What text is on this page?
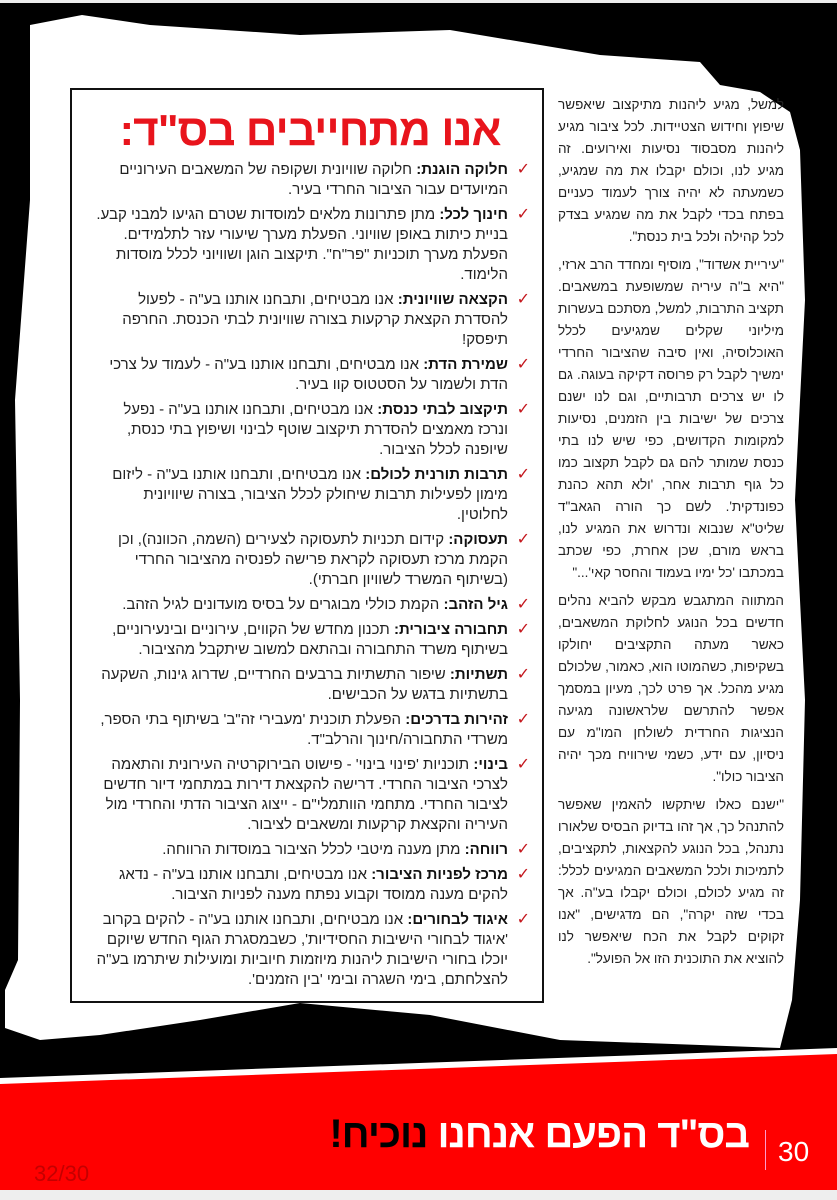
אנו מתחייבים בס"ד:
✓
חלוקה הוגנת: חלוקה שוויונית ושקופה של המשאבים העירוניים המיועדים עבור הציבור החרדי בעיר.
✓
חינוך לכל: מתן פתרונות מלאים למוסדות שטרם הגיעו למבני קבע. בניית כיתות באופן שוויוני. הפעלת מערך שיעורי עזר לתלמידים. הפעלת מערך תוכניות "פר"ח". תיקצוב הוגן ושוויוני לכלל מוסדות הלימוד.
✓
הקצאה שוויונית: אנו מבטיחים, ותבחנו אותנו בע"ה - לפעול להסדרת הקצאת קרקעות בצורה שוויונית לבתי הכנסת. החרפה תיפסק!
✓
שמירת הדת: אנו מבטיחים, ותבחנו אותנו בע"ה - לעמוד על צרכי הדת ולשמור על הסטטוס קוו בעיר.
✓
תיקצוב לבתי כנסת: אנו מבטיחים, ותבחנו אותנו בע"ה - נפעל ונרכז מאמצים להסדרת תיקצוב שוטף לבינוי ושיפוץ בתי כנסת, שיופנה לכלל הציבור.
✓
תרבות תורנית לכולם: אנו מבטיחים, ותבחנו אותנו בע"ה - ליזום מימון לפעילות תרבות שיחולק לכלל הציבור, בצורה שיוויונית לחלוטין.
✓
תעסוקה: קידום תכניות לתעסוקה לצעירים (השמה, הכוונה), וכן הקמת מרכז תעסוקה לקראת פרישה לפנסיה מהציבור החרדי (בשיתוף המשרד לשוויון חברתי).
✓
גיל הזהב: הקמת כוללי מבוגרים על בסיס מועדונים לגיל הזהב.
✓
תחבורה ציבורית: תכנון מחדש של הקווים, עירוניים ובינעירוניים, בשיתוף משרד התחבורה ובהתאם למשוב שיתקבל מהציבור.
✓
תשתיות: שיפור התשתיות ברבעים החרדיים, שדרוג גינות, השקעה בתשתיות בדגש על הכבישים.
✓
זהירות בדרכים: הפעלת תוכנית 'מעבירי זה"ב' בשיתוף בתי הספר, משרדי התחבורה/חינוך והרלב"ד.
✓
בינוי: תוכניות 'פינוי בינוי' - פישוט הבירוקרטיה העירונית והתאמה לצרכי הציבור החרדי. דרישה להקצאת דירות במתחמי דיור חדשים לציבור החרדי. מתחמי הוותמלי"ם - ייצוג הציבור הדתי והחרדי מול העיריה והקצאת קרקעות ומשאבים לציבור.
✓
רווחה: מתן מענה מיטבי לכלל הציבור במוסדות הרווחה.
✓
מרכז לפניות הציבור: אנו מבטיחים, ותבחנו אותנו בע"ה - נדאג להקים מענה ממוסד וקבוע נפתח מענה לפניות הציבור.
✓
איגוד לבחורים: אנו מבטיחים, ותבחנו אותנו בע"ה - להקים בקרוב 'איגוד לבחורי הישיבות החסידיות', כשבמסגרת הגוף החדש שיוקם יוכלו בחורי הישיבות ליהנות מיוזמות חיוביות ומועילות שיתרמו בע"ה להצלחתם, בימי השגרה ובימי 'בין הזמנים'.

למשל, מגיע ליהנות מתיקצוב שיאפשר שיפוץ וחידוש הצטיידות. לכל ציבור מגיע ליהנות מסבסוד נסיעות ואירועים. זה מגיע לנו, וכולם יקבלו את מה שמגיע, כשמעתה לא יהיה צורך לעמוד כעניים בפתח בכדי לקבל את מה שמגיע בצדק לכל קהילה ולכל בית כנסת".

"עיריית אשדוד", מוסיף ומחדד הרב ארזי, "היא ב"ה עיריה שמשופעת במשאבים. תקציב התרבות, למשל, מסתכם בעשרות מיליוני שקלים שמגיעים לכלל האוכלוסיה, ואין סיבה שהציבור החרדי ימשיך לקבל רק פרוסה דקיקה בעוגה. גם לו יש צרכים תרבותיים, וגם לנו ישנם צרכים של ישיבות בין הזמנים, נסיעות למקומות הקדושים, כפי שיש לנו בתי כנסת שמותר להם גם לקבל תקצוב כמו כל גוף תרבות אחר, 'ולא תהא כהנת כפונדקית'. לשם כך הורה הגאב"ד שליט"א שנבוא ונדרוש את המגיע לנו, בראש מורם, שכן אחרת, כפי שכתב במכתבו 'כל ימיו בעמוד והחסר קאי'..."

המתווה המתגבש מבקש להביא נהלים חדשים בכל הנוגע לחלוקת המשאבים, כאשר מעתה התקציבים יחולקו בשקיפות, כשהמוטו הוא, כאמור, שלכולם מגיע מהכל. אך פרט לכך, מעיון במסמך אפשר להתרשם שלראשונה מגיעה הנציגות החרדית לשולחן המו"מ עם ניסיון, עם ידע, כשמי שירוויח מכך יהיה הציבור כולו".

"ישנם כאלו שיתקשו להאמין שאפשר להתנהל כך, אך זהו בדיוק הבסיס שלאורו נתנהל, בכל הנוגע להקצאות, לתקציבים, לתמיכות ולכל המשאבים המגיעים לכלל: זה מגיע לכולם, וכולם יקבלו בע"ה. אך בכדי שזה יקרה", הם מדגישים, "אנו זקוקים לקבל את הכח שיאפשר לנו להוציא את התוכנית הזו אל הפועל".

בס"ד הפעם אנחנו נוכיח!	30
32/30
